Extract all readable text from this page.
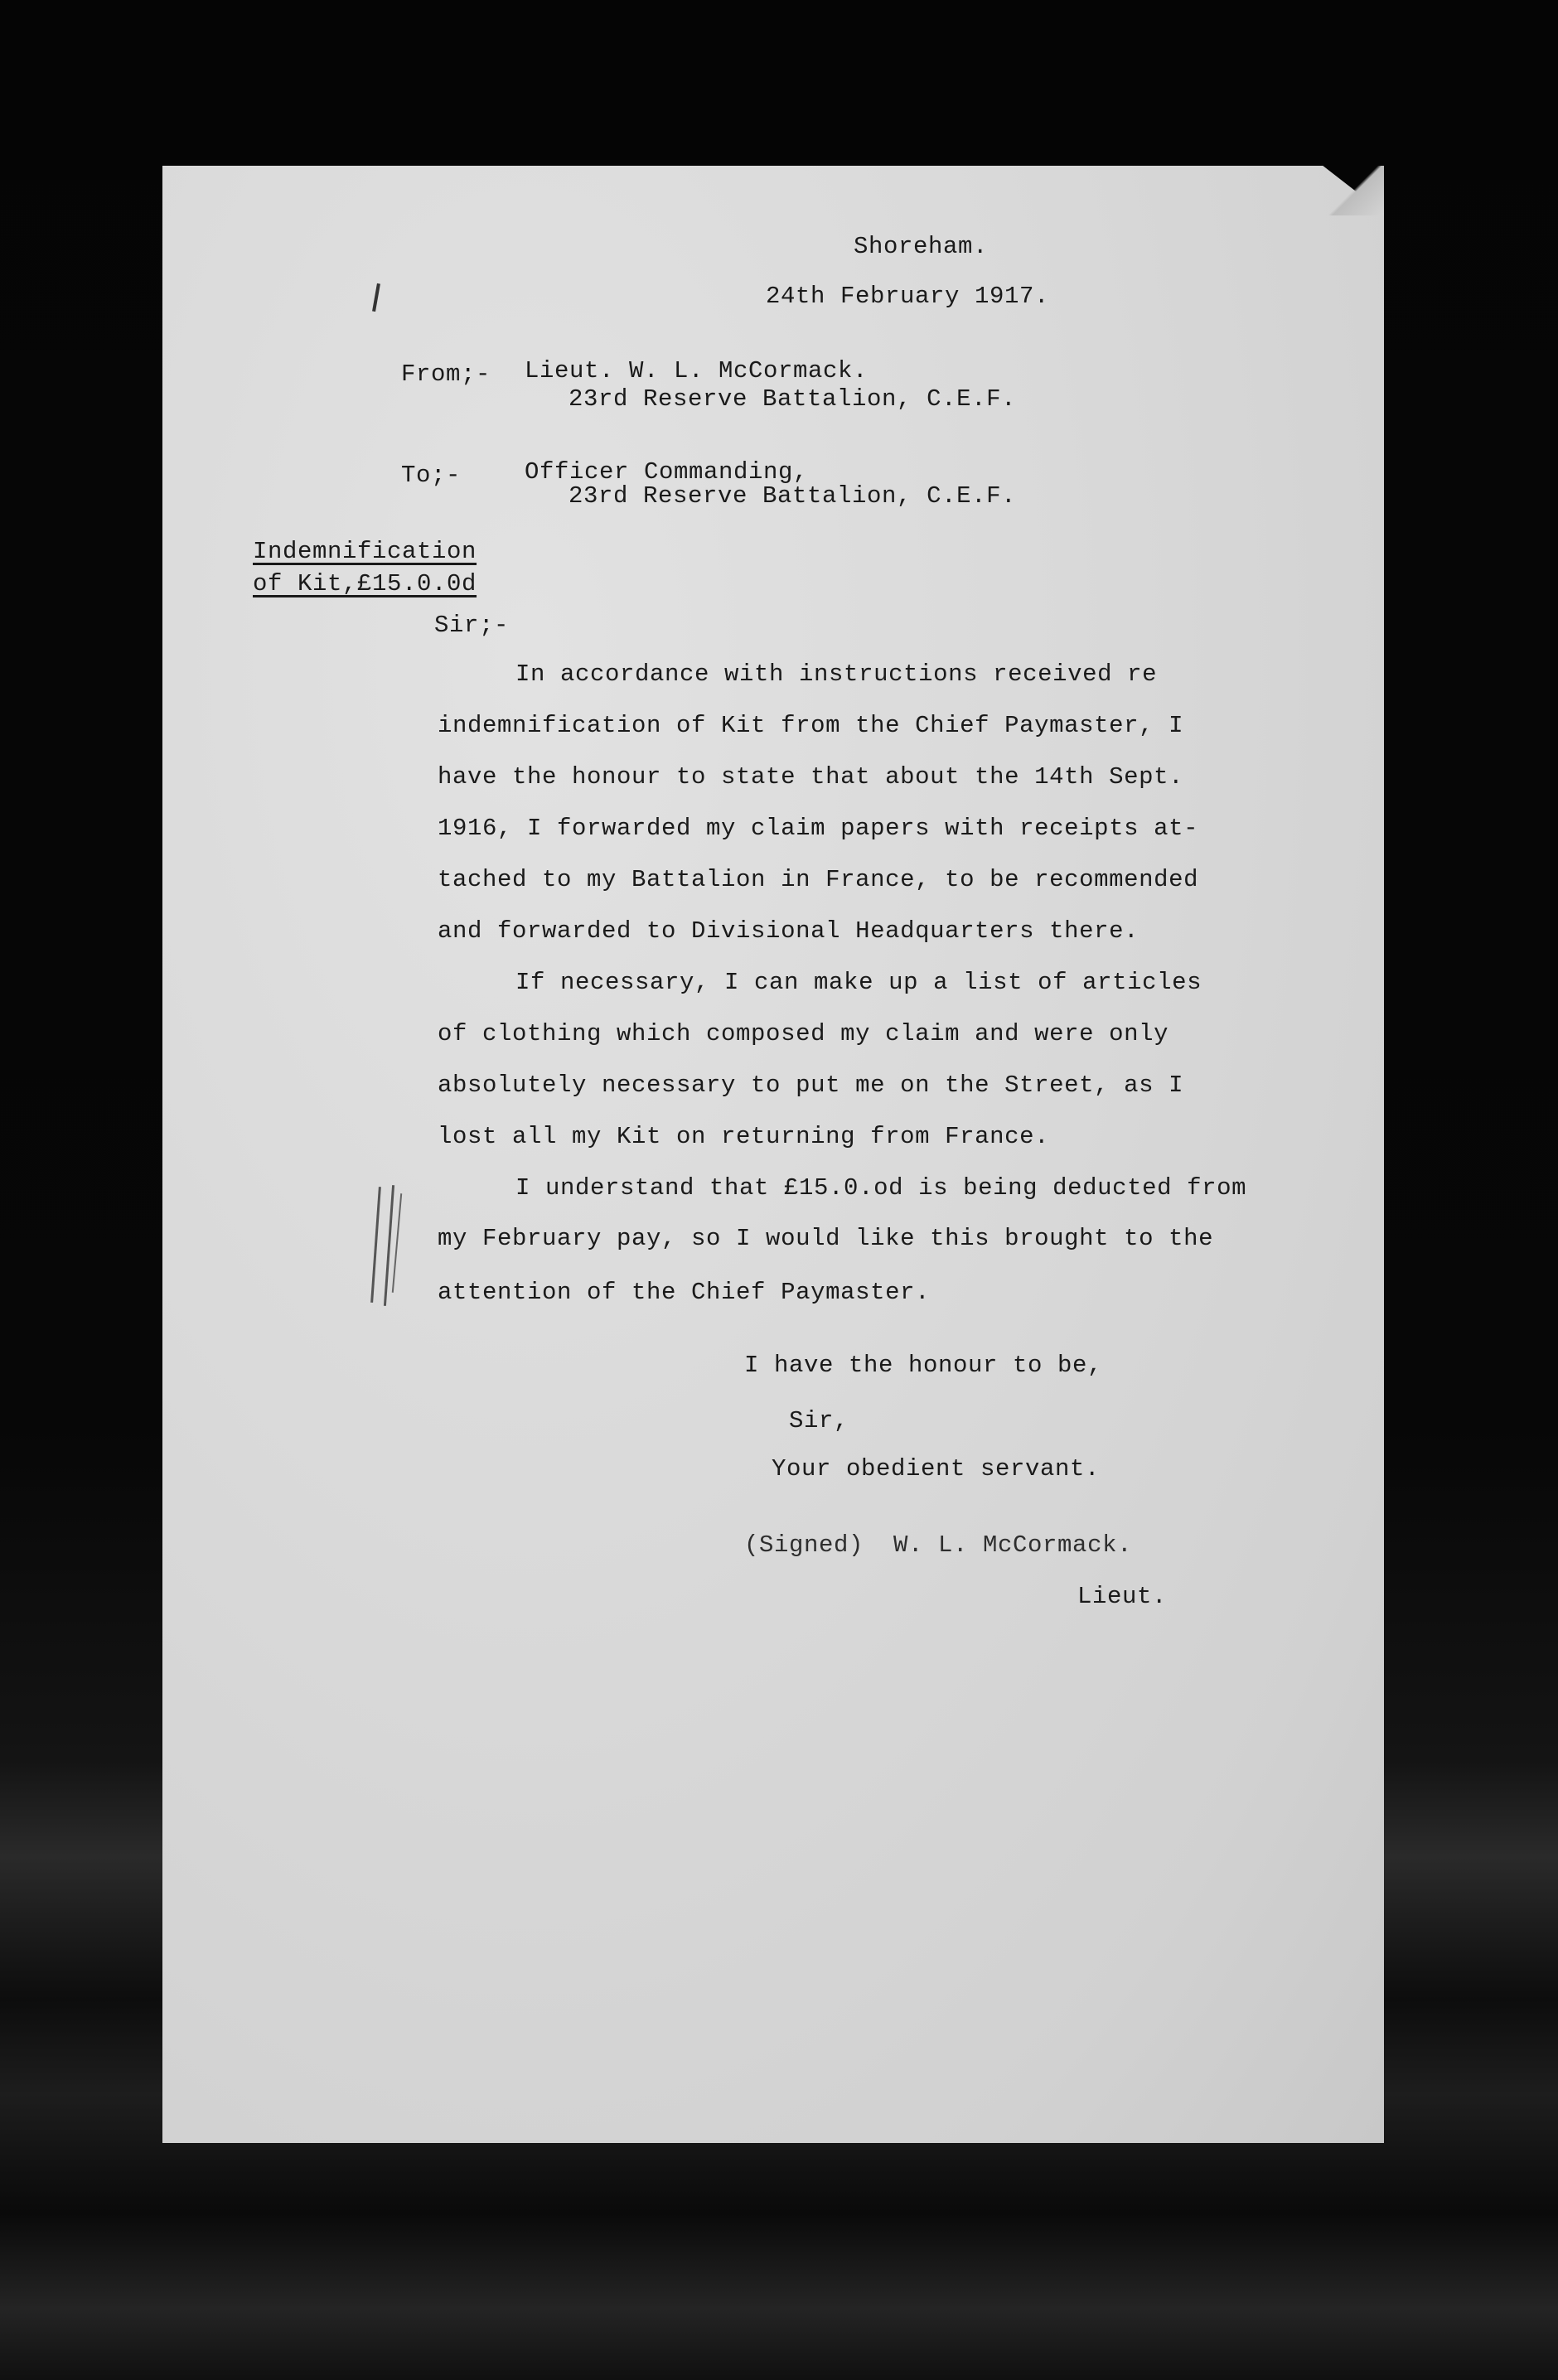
Shoreham.
24th February 1917.
From;- Lieut. W. L. McCormack.
23rd Reserve Battalion, C.E.F.
To;-	Officer Commanding,
23rd Reserve Battalion, C.E.F.
Indemnification
of Kit,£15.0.0d
Sir;-
In accordance with instructions received re
indemnification of Kit from the Chief Paymaster, I
have the honour to state that about the 14th Sept.
1916, I forwarded my claim papers with receipts at-
tached to my Battalion in France, to be recommended
and forwarded to Divisional Headquarters there.
If necessary, I can make up a list of articles
of clothing which composed my claim and were only
absolutely necessary to put me on the Street, as I
lost all my Kit on returning from France.
I understand that £15.0.od is being deducted from
my February pay, so I would like this brought to the
attention of the Chief Paymaster.
I have the honour to be,
Sir,
Your obedient servant.
(Signed)  W. L. McCormack.
Lieut.
